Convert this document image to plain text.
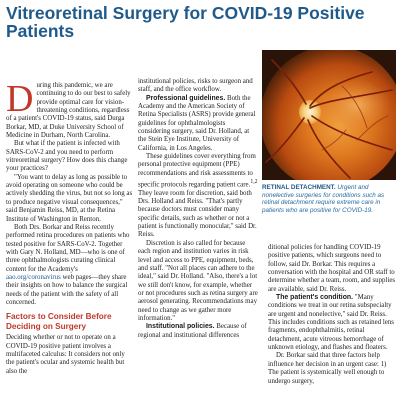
Vitreoretinal Surgery for COVID-19 Positive Patients

During this pandemic, we are continuing to do our best to safely provide optimal care for vision-threatening conditions, regardless of a patient's COVID-19 status, said Durga Borkar, MD, at Duke University School of Medicine in Durham, North Carolina.

But what if the patient is infected with SARS-CoV-2 and you need to perform vitreoretinal surgery? How does this change your practices?

"You want to delay as long as possible to avoid operating on someone who could be actively shedding the virus, but not so long as to produce negative visual consequences," said Benjamin Reiss, MD, at the Retina Institute of Washington in Renton.

Both Drs. Borkar and Reiss recently performed retina procedures on patients who tested positive for SARS-CoV-2. Together with Gary N. Holland, MD—who is one of three ophthalmologists curating clinical content for the Academy's aao.org/coronavirus web pages—they share their insights on how to balance the surgical needs of the patient with the safety of all concerned.

Factors to Consider Before Deciding on Surgery

Deciding whether or not to operate on a COVID-19 positive patient involves a multifaceted calculus: It considers not only the patient's ocular and systemic health but also the

institutional policies, risks to surgeon and staff, and the office workflow.

Professional guidelines. Both the Academy and the American Society of Retina Specialists (ASRS) provide general guidelines for ophthalmologists considering surgery, said Dr. Holland, at the Stein Eye Institute, University of California, in Los Angeles.

These guidelines cover everything from personal protective equipment (PPE) recommendations and risk assessments to specific protocols regarding patient care.$^{1,2}$ They leave room for discretion, said both Drs. Holland and Reiss. "That's partly because doctors must consider many specific details, such as whether or not a patient is functionally monocular," said Dr. Reiss.

Discretion is also called for because each region and institution varies in risk level and access to PPE, equipment, beds, and staff. "Not all places can adhere to the ideal," said Dr. Holland. "Also, there's a lot we still don't know, for example, whether or not procedures such as retina surgery are aerosol generating. Recommendations may need to change as we gather more information."

Institutional policies. Because of regional and institutional differences

RETINAL DETACHMENT. Urgent and nonelective surgeries for conditions such as retinal detachment require extreme care in patients who are positive for COVID-19.

ditional policies for handling COVID-19 positive patients, which surgeons need to follow, said Dr. Borkar. This requires a conversation with the hospital and OR staff to determine whether a team, room, and supplies are available, said Dr. Reiss.

The patient's condition. "Many conditions we treat in our retina subspecialty are urgent and nonelective," said Dr. Reiss. This includes conditions such as retained lens fragments, endophthalmitis, retinal detachment, acute vitreous hemorrhage of unknown etiology, and flashes and floaters.

Dr. Borkar said that three factors help influence her decision in an urgent case: 1) The patient is systemically well enough to undergo surgery,
